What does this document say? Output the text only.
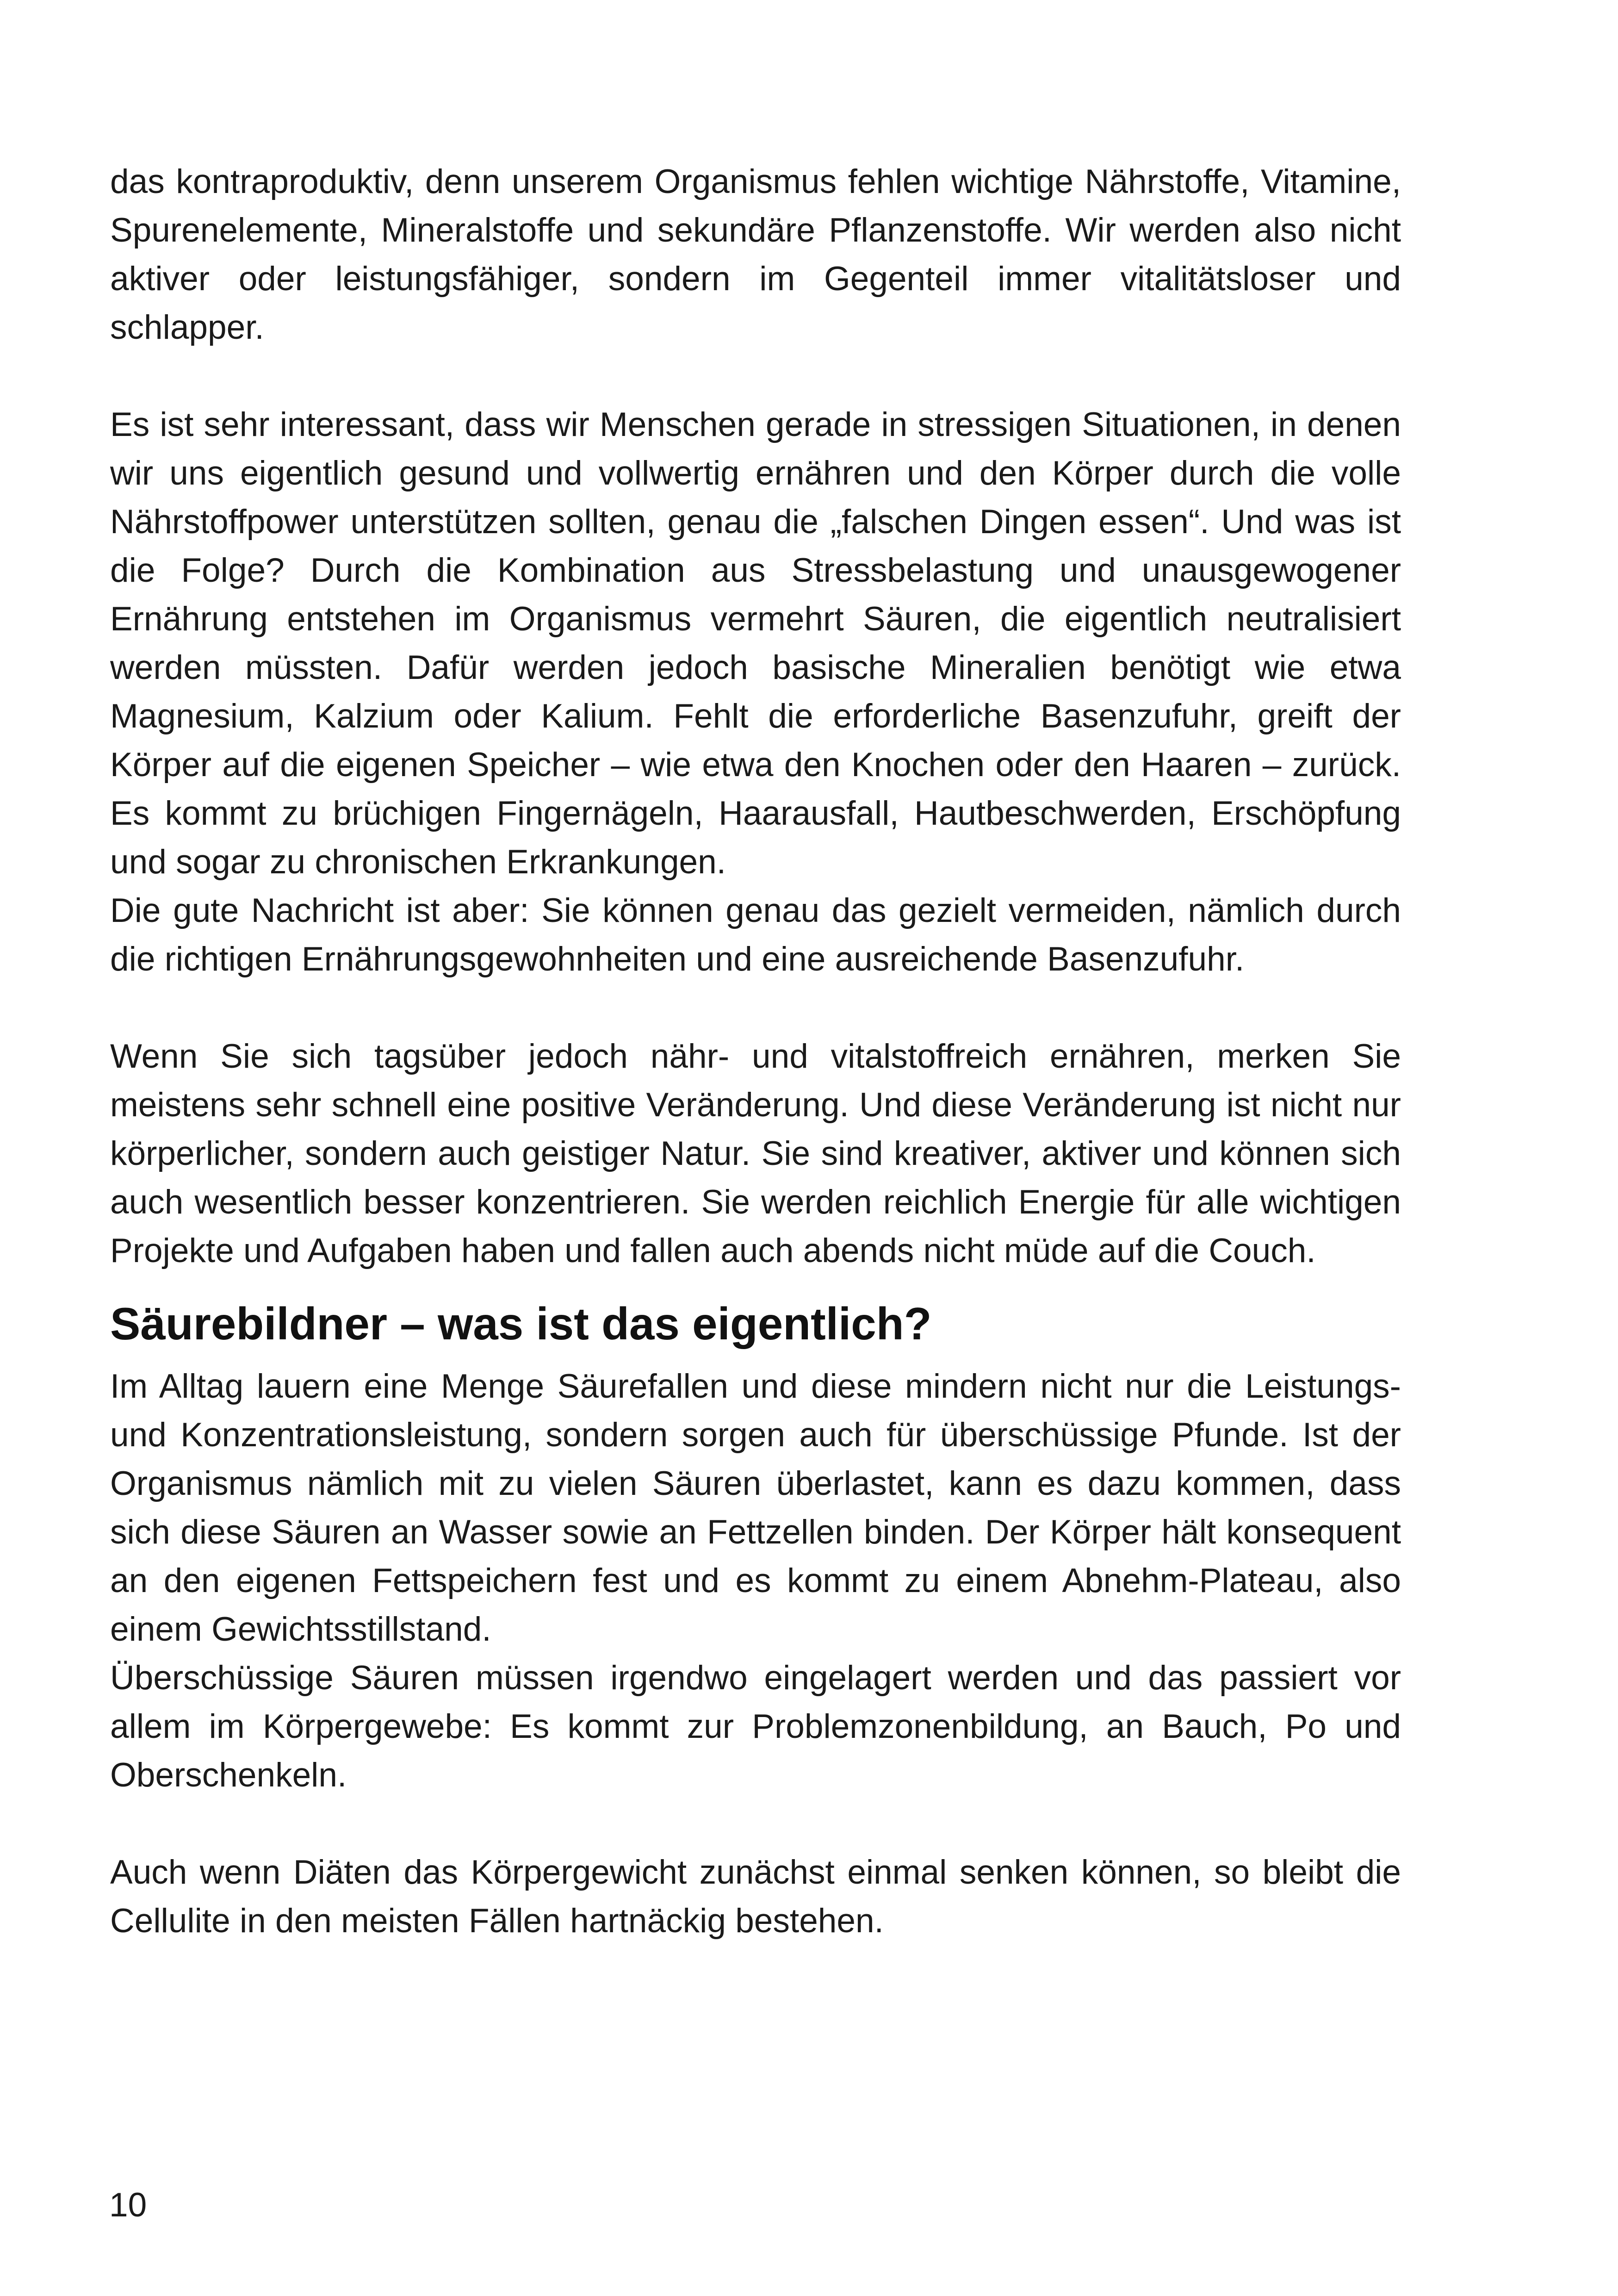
das kontraproduktiv, denn unserem Organismus fehlen wichtige Nährstoffe, Vitamine, Spurenelemente, Mineralstoffe und sekundäre Pflanzenstoffe. Wir werden also nicht aktiver oder leistungsfähiger, sondern im Gegenteil immer vitalitätsloser und schlapper.

Es ist sehr interessant, dass wir Menschen gerade in stressigen Situationen, in denen wir uns eigentlich gesund und vollwertig ernähren und den Körper durch die volle Nährstoffpower unterstützen sollten, genau die „falschen Dingen essen“. Und was ist die Folge? Durch die Kombination aus Stressbelastung und unausgewogener Ernährung entstehen im Organismus vermehrt Säuren, die eigentlich neutralisiert werden müssten. Dafür werden jedoch basische Mineralien benötigt wie etwa Magnesium, Kalzium oder Kalium. Fehlt die erforderliche Basenzufuhr, greift der Körper auf die eigenen Speicher – wie etwa den Knochen oder den Haaren – zurück. Es kommt zu brüchigen Fingernägeln, Haarausfall, Hautbeschwerden, Erschöpfung und sogar zu chronischen Erkrankungen.

Die gute Nachricht ist aber: Sie können genau das gezielt vermeiden, nämlich durch die richtigen Ernährungsgewohnheiten und eine ausreichende Basenzufuhr.

Wenn Sie sich tagsüber jedoch nähr- und vitalstoffreich ernähren, merken Sie meistens sehr schnell eine positive Veränderung. Und diese Veränderung ist nicht nur körperlicher, sondern auch geistiger Natur. Sie sind kreativer, aktiver und können sich auch wesentlich besser konzentrieren. Sie werden reichlich Energie für alle wichtigen Projekte und Aufgaben haben und fallen auch abends nicht müde auf die Couch.

Säurebildner – was ist das eigentlich?

Im Alltag lauern eine Menge Säurefallen und diese mindern nicht nur die Leistungs- und Konzentrationsleistung, sondern sorgen auch für überschüssige Pfunde. Ist der Organismus nämlich mit zu vielen Säuren überlastet, kann es dazu kommen, dass sich diese Säuren an Wasser sowie an Fettzellen binden. Der Körper hält konsequent an den eigenen Fettspeichern fest und es kommt zu einem Abnehm-Plateau, also einem Gewichtsstillstand.

Überschüssige Säuren müssen irgendwo eingelagert werden und das passiert vor allem im Körpergewebe: Es kommt zur Problemzonenbildung, an Bauch, Po und Oberschenkeln.

Auch wenn Diäten das Körpergewicht zunächst einmal senken können, so bleibt die Cellulite in den meisten Fällen hartnäckig bestehen.

10
